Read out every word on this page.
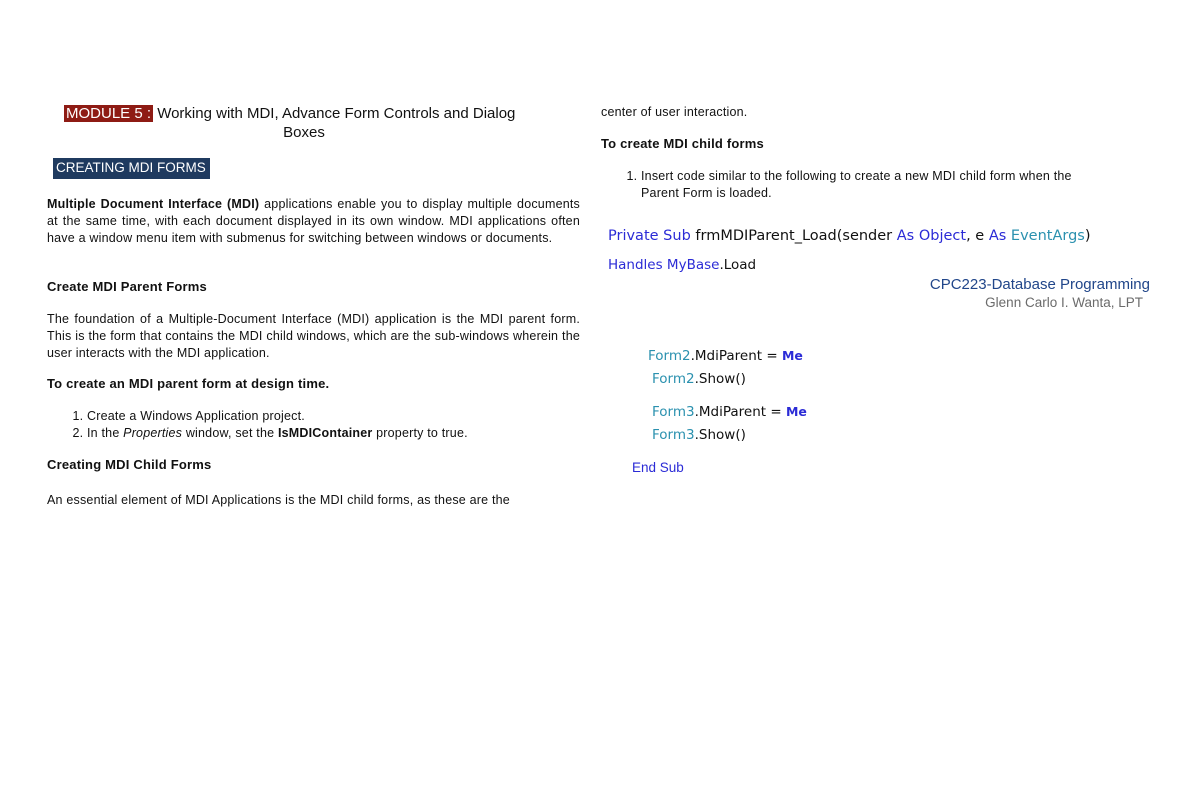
MODULE 5 : Working with MDI, Advance Form Controls and Dialog
Boxes
CREATING MDI FORMS
Multiple Document Interface (MDI) applications enable you to display multiple documents at the same time, with each document displayed in its own window. MDI applications often have a window menu item with submenus for switching between windows or documents.
Create MDI Parent Forms
The foundation of a Multiple-Document Interface (MDI) application is the MDI parent form. This is the form that contains the MDI child windows, which are the sub-windows wherein the user interacts with the MDI application.
To create an MDI parent form at design time.
1. Create a Windows Application project.
2. In the Properties window, set the IsMDIContainer property to true.
Creating MDI Child Forms
An essential element of MDI Applications is the MDI child forms, as these are the
center of user interaction.
To create MDI child forms
1. Insert code similar to the following to create a new MDI child form when the Parent Form is loaded.
Private Sub frmMDIParent_Load(sender As Object, e As EventArgs)
Handles MyBase.Load
CPC223-Database Programming
Glenn Carlo I. Wanta, LPT
Form2.MdiParent = Me
Form2.Show()
Form3.MdiParent = Me
Form3.Show()
End Sub
